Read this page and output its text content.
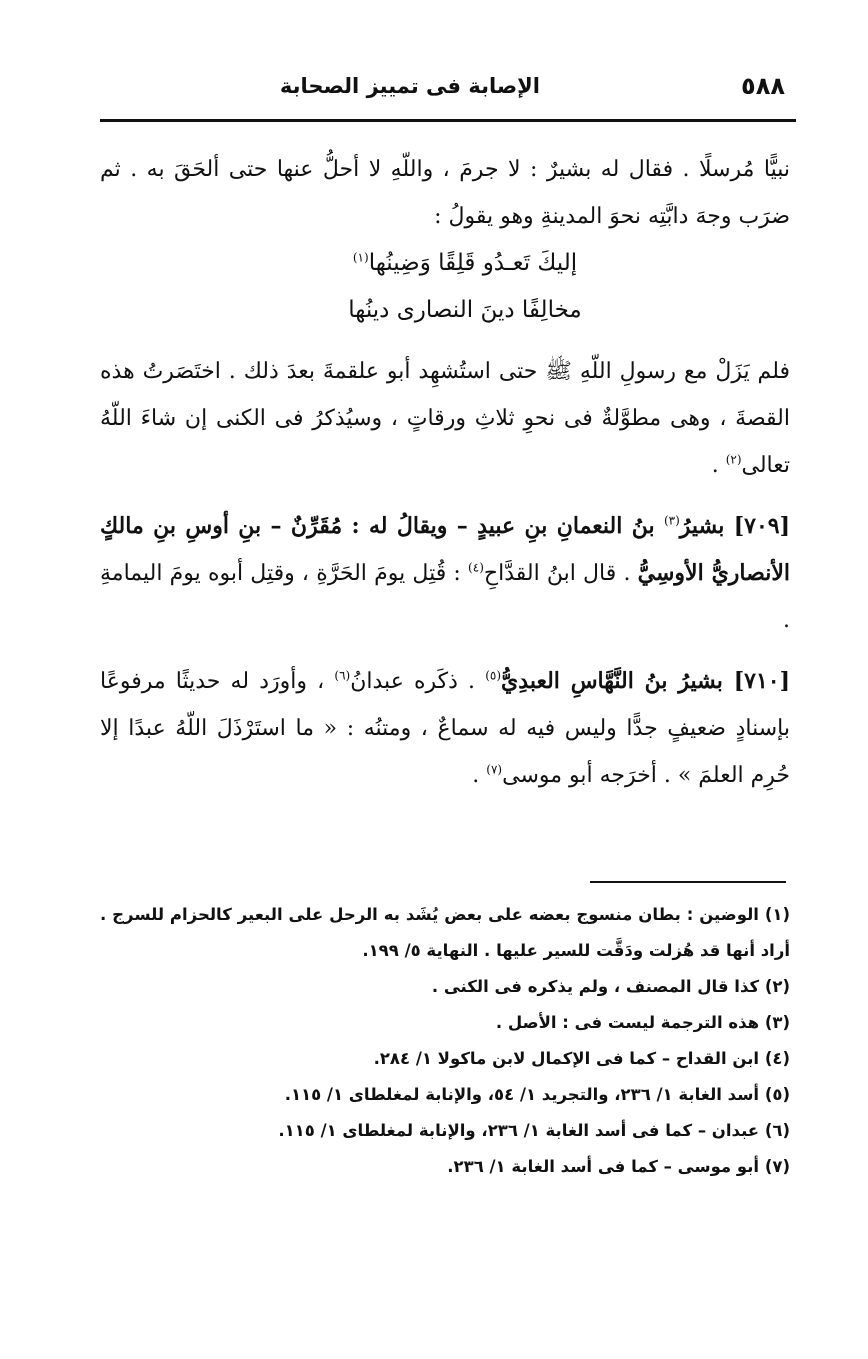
٥٨٨
الإصابة فى تمييز الصحابة

نبيًّا مُرسلًا . فقال له بشيرٌ : لا جرمَ ، واللّهِ لا أحلُّ عنها حتى ألحَقَ به . ثم ضرَب وجهَ دابَّتِه نحوَ المدينةِ وهو يقولُ :

إليكَ تَعـدُو قَلِقًا وَضِينُها$^{(١)}$

مخالِفًا دينَ النصارى دينُها

فلم يَزَلْ مع رسولِ اللّهِ ﷺ حتى استُشهِد أبو علقمةَ بعدَ ذلك . اختَصَرتُ هذه القصةَ ، وهى مطوَّلةٌ فى نحوِ ثلاثِ ورقاتٍ ، وسيُذكرُ فى الكنى إن شاءَ اللّهُ تعالى$^{(٢)}$ .

[٧٠٩] بشيرُ$^{(٣)}$ بنُ النعمانِ بنِ عبيدٍ – ويقالُ له : مُقَرِّنٌ – بنِ أوسِ بنِ مالكٍ الأنصاريُّ الأوسِيُّ . قال ابنُ القدَّاحِ$^{(٤)}$ : قُتِل يومَ الحَرَّةِ ، وقتِل أبوه يومَ اليمامةِ .

[٧١٠] بشيرُ بنُ النَّهَّاسِ العبدِيُّ$^{(٥)}$ . ذكَره عبدانُ$^{(٦)}$ ، وأورَد له حديثًا مرفوعًا بإسنادٍ ضعيفٍ جدًّا وليس فيه له سماعٌ ، ومتنُه : « ما استَرْذَلَ اللّهُ عبدًا إلا حُرِم العلمَ » . أخرَجه أبو موسى$^{(٧)}$ .

(١) الوضين : بطان منسوج بعضه على بعض يُشَد به الرحل على البعير كالحزام للسرج . أراد أنها قد هُزلت ودَقَّت للسير عليها . النهاية ٥/ ١٩٩.

(٢) كذا قال المصنف ، ولم يذكره فى الكنى .

(٣) هذه الترجمة ليست فى : الأصل .

(٤) ابن القداح – كما فى الإكمال لابن ماكولا ١/ ٢٨٤.

(٥) أسد الغابة ١/ ٢٣٦، والتجريد ١/ ٥٤، والإنابة لمغلطاى ١/ ١١٥.

(٦) عبدان – كما فى أسد الغابة ١/ ٢٣٦، والإنابة لمغلطاى ١/ ١١٥.

(٧) أبو موسى – كما فى أسد الغابة ١/ ٢٣٦.
